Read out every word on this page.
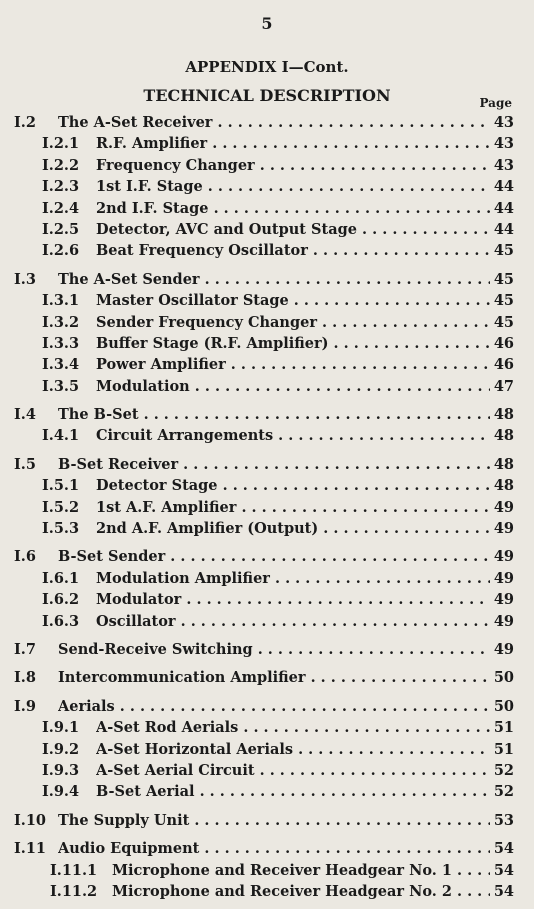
5
APPENDIX I—Cont.
TECHNICAL DESCRIPTION	Page
I.2 The A-Set Receiver . . .	43
I.2.1 R.F. Amplifier . . .	43
I.2.2 Frequency Changer . . .	43
I.2.3 1st I.F. Stage . . .	44
I.2.4 2nd I.F. Stage . . .	44
I.2.5 Detector, AVC and Output Stage . . .	44
I.2.6 Beat Frequency Oscillator . . .	45
I.3 The A-Set Sender . . .	45
I.3.1 Master Oscillator Stage . . .	45
I.3.2 Sender Frequency Changer . . .	45
I.3.3 Buffer Stage (R.F. Amplifier) . . .	46
I.3.4 Power Amplifier . . .	46
I.3.5 Modulation . . .	47
I.4 The B-Set . . .	48
I.4.1 Circuit Arrangements . . .	48
I.5 B-Set Receiver . . .	48
I.5.1 Detector Stage . . .	48
I.5.2 1st A.F. Amplifier . . .	49
I.5.3 2nd A.F. Amplifier (Output) . . .	49
I.6 B-Set Sender . . .	49
I.6.1 Modulation Amplifier . . .	49
I.6.2 Modulator . . .	49
I.6.3 Oscillator . . .	49
I.7 Send-Receive Switching . . .	49
I.8 Intercommunication Amplifier . . .	50
I.9 Aerials . . .	50
I.9.1 A-Set Rod Aerials . . .	51
I.9.2 A-Set Horizontal Aerials . . .	51
I.9.3 A-Set Aerial Circuit . . .	52
I.9.4 B-Set Aerial . . .	52
I.10 The Supply Unit . . .	53
I.11 Audio Equipment . . .	54
I.11.1 Microphone and Receiver Headgear No. 1 . . .	54
I.11.2 Microphone and Receiver Headgear No. 2 . . .	54
